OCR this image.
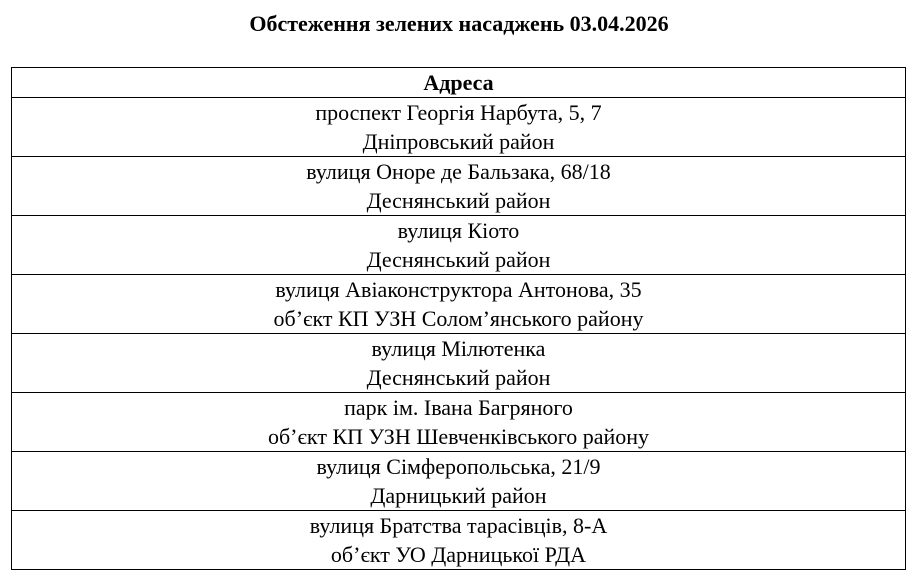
Обстеження зелених насаджень 03.04.2026
Адреса

проспект Георгія Нарбута, 5, 7
Дніпровський район

вулиця Оноре де Бальзака, 68/18
Деснянський район

вулиця Кіото
Деснянський район

вулиця Авіаконструктора Антонова, 35
об’єкт КП УЗН Солом’янського району

вулиця Мілютенка
Деснянський район

парк ім. Івана Багряного
об’єкт КП УЗН Шевченківського району

вулиця Сімферопольська, 21/9
Дарницький район

вулиця Братства тарасівців, 8-А
об’єкт УО Дарницької РДА
